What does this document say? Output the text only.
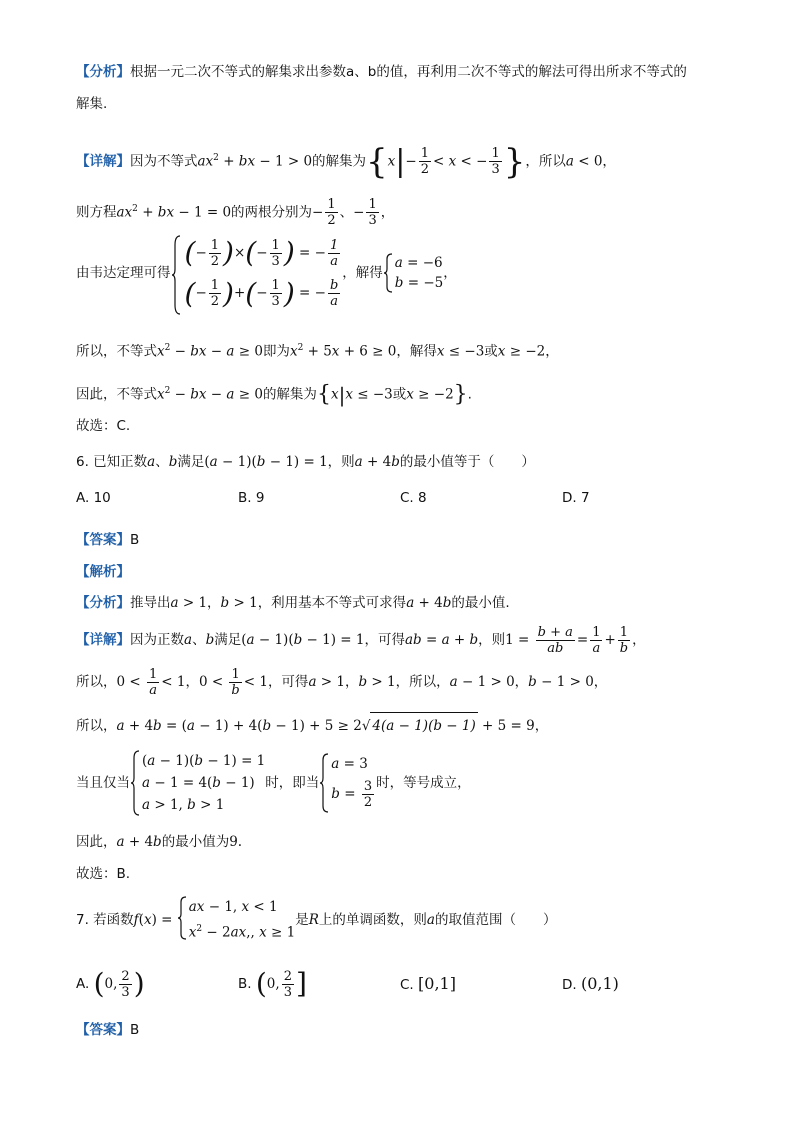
【分析】根据一元二次不等式的解集求出参数a、b的值，再利用二次不等式的解法可得出所求不等式的
解集.
【详解】因为不等式$ax^2$ + bx − 1 > 0的解集为{$x|- \frac{1}{2} < x$ < − $\frac{1}{3}$ }，所以a < 0，
则方程$ax^2$ + bx − 1 = 0的两根分别为− $\frac{1}{2}$ 、− $\frac{1}{3}$ ，
由韦达定理可得
(− $\frac{1}{2}$ )×(− $\frac{1}{3}$ ) = − $\frac{1}{a}$
(− $\frac{1}{2}$ )+(− $\frac{1}{3}$ ) = − $\frac{b}{a}$
，解得
a = −6
b = −5
，
所以，不等式$x^2$ − bx − a ≥ 0即为$x^2 + 5x + 6 \ge 0$，解得x ≤ −3或x ≥ −2，
因此，不等式$x^2$ − bx − a ≥ 0的解集为{x|x ≤ −3或x ≥ −2}.
故选：C.
6. 已知正数a、b满足(a − 1)(b − 1) = 1，则a + 4b的最小值等于（　　）
A. 10	B. 9	C. 8	D. 7
【答案】B
【解析】
【分析】推导出a > 1，b > 1，利用基本不等式可求得a + 4b的最小值.
【详解】因为正数a、b满足(a − 1)(b − 1) = 1，可得ab = a + b，则$1 = \frac{b + a}{ab} = \frac{1}{a} + \frac{1}{b}$ ，
所以，$0 < \frac{1}{a} < 1$，$0 < \frac{1}{b} < 1$，可得a > 1，b > 1，所以，a − 1 > 0，b − 1 > 0，
所以，a + 4b = (a − 1) + 4(b − 1) + 5 ≥ 2√ 4(a − 1)(b − 1) + 5 = 9，
当且仅当
(a − 1)(b − 1) = 1
a − 1 = 4(b − 1)
a > 1, b > 1
时，即当
a = 3
$b = \frac{3}{2}$ 时，等号成立，
因此，a + 4b的最小值为9.
故选：B.
7. 若函数f(x) =
ax − 1, x < 1
$x^2 - 2ax$,, x ≥ 1
是R上的单调函数，则a的取值范围（　　）
A. (0, $\frac{2}{3}$ )	B. (0, $\frac{2}{3}$ ]	C. [0,1]	D. (0,1)
【答案】B
